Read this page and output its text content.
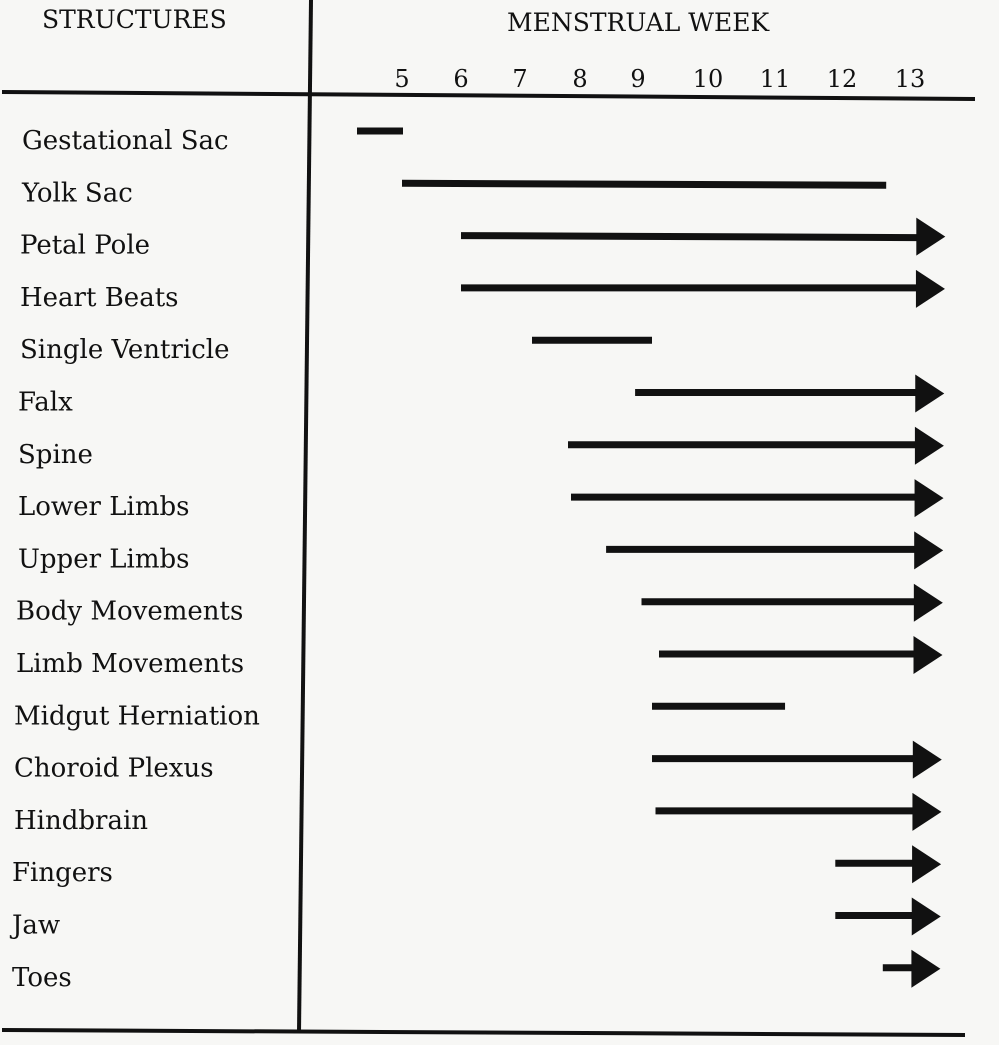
STRUCTURES	MENSTRUAL WEEK
5 6 7 8 9 10 11 12 13
Gestational Sac
Yolk Sac
Petal Pole
Heart Beats
Single Ventricle
Falx
Spine
Lower Limbs
Upper Limbs
Body Movements
Limb Movements
Midgut Herniation
Choroid Plexus
Hindbrain
Fingers
Jaw
Toes
